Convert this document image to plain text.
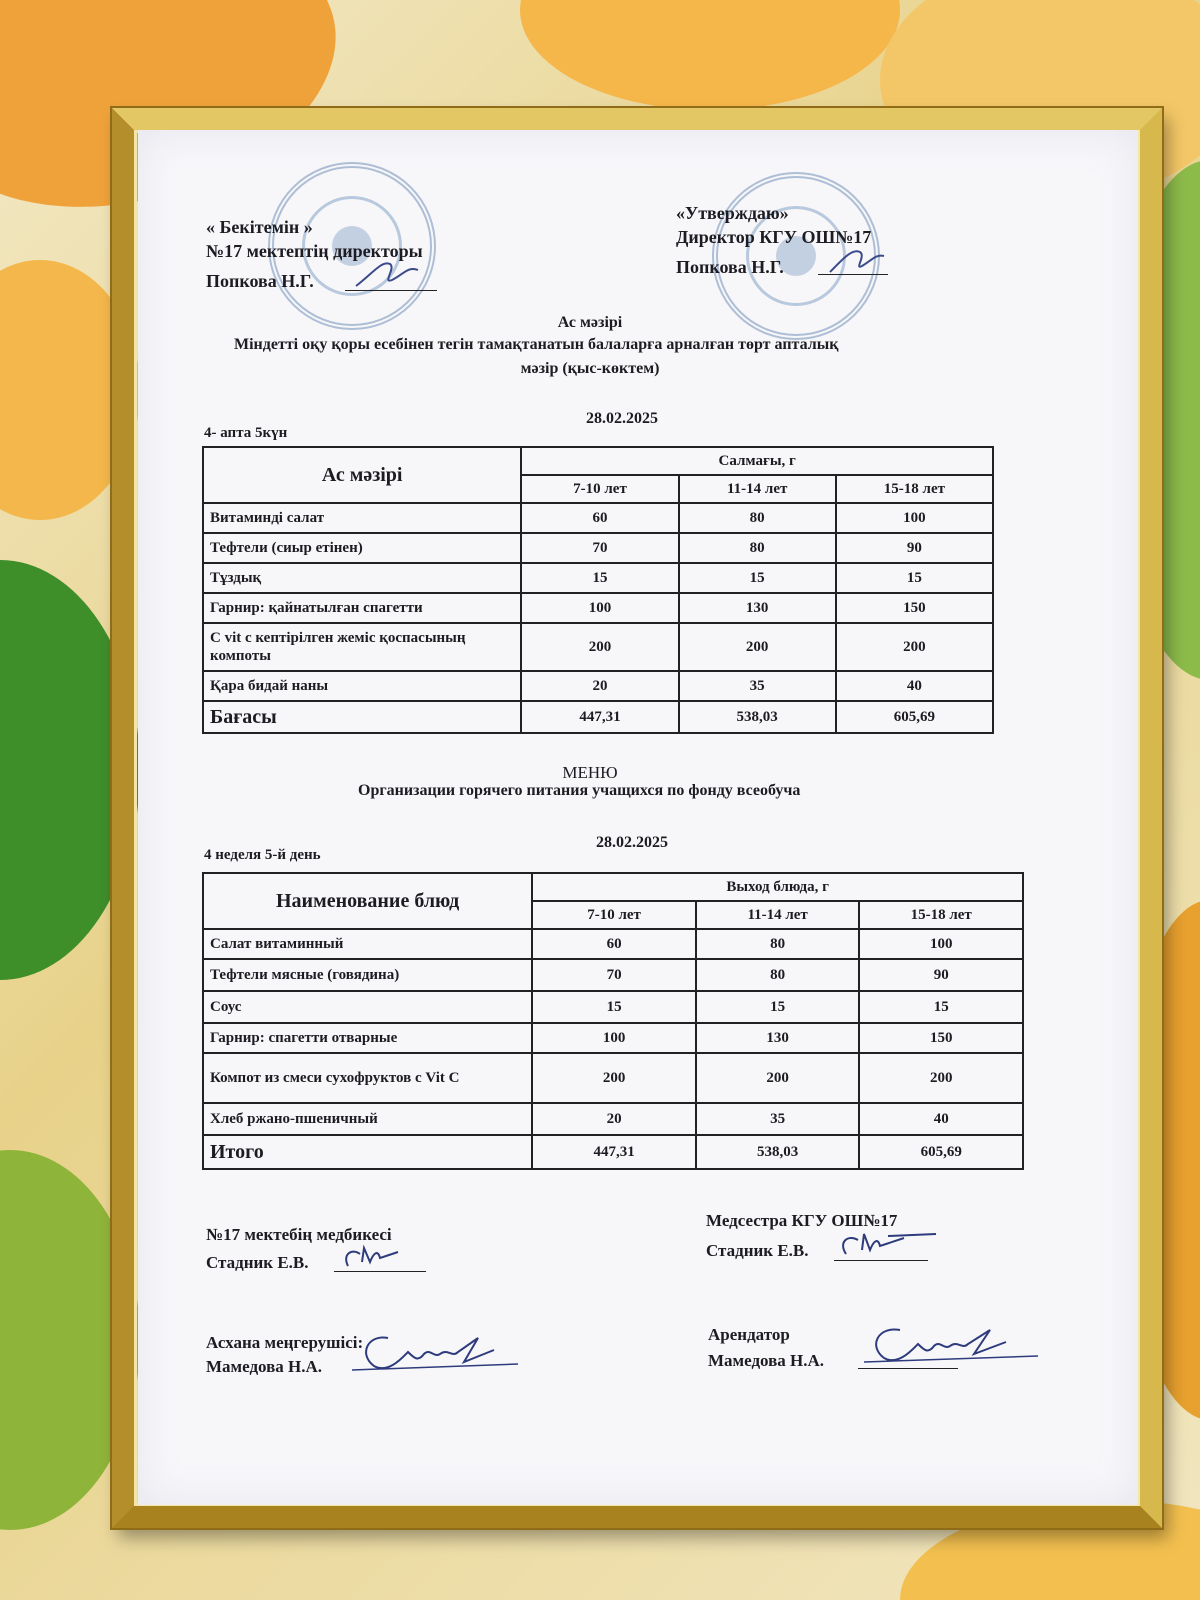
« Бекітемін »
№17 мектептің директоры
Попкова Н.Г.
«Утверждаю»
Директор КГУ ОШ№17
Попкова Н.Г.
Ас мәзірі
Міндетті оқу қоры есебінен тегін тамақтанатын балаларға арналған төрт апталық
мәзір (қыс-көктем)
4- апта 5күн
28.02.2025
Ас мәзірі	Салмағы, г		
	7-10 лет	11-14 лет	15-18 лет
Витаминді салат	60	80	100
Тефтели (сиыр етінен)	70	80	90
Тұздық	15	15	15
Гарнир: қайнатылған спагетти	100	130	150
С vit с кептірілген жеміс қоспасының компоты	200	200	200
Қара бидай наны	20	35	40
Бағасы	447,31	538,03	605,69
МЕНЮ
Организации горячего питания учащихся по фонду всеобуча
4 неделя 5-й день
28.02.2025
Наименование блюд	Выход блюда, г		
	7-10 лет	11-14 лет	15-18 лет
Салат витаминный	60	80	100
Тефтели мясные (говядина)	70	80	90
Соус	15	15	15
Гарнир: спагетти отварные	100	130	150
Компот из смеси сухофруктов с Vit C	200	200	200
Хлеб ржано-пшеничный	20	35	40
Итого	447,31	538,03	605,69
№17 мектебің медбикесі
Стадник Е.В.
Медсестра КГУ ОШ№17
Стадник Е.В.
Асхана меңгерушісі:
Мамедова Н.А.
Арендатор
Мамедова Н.А.
